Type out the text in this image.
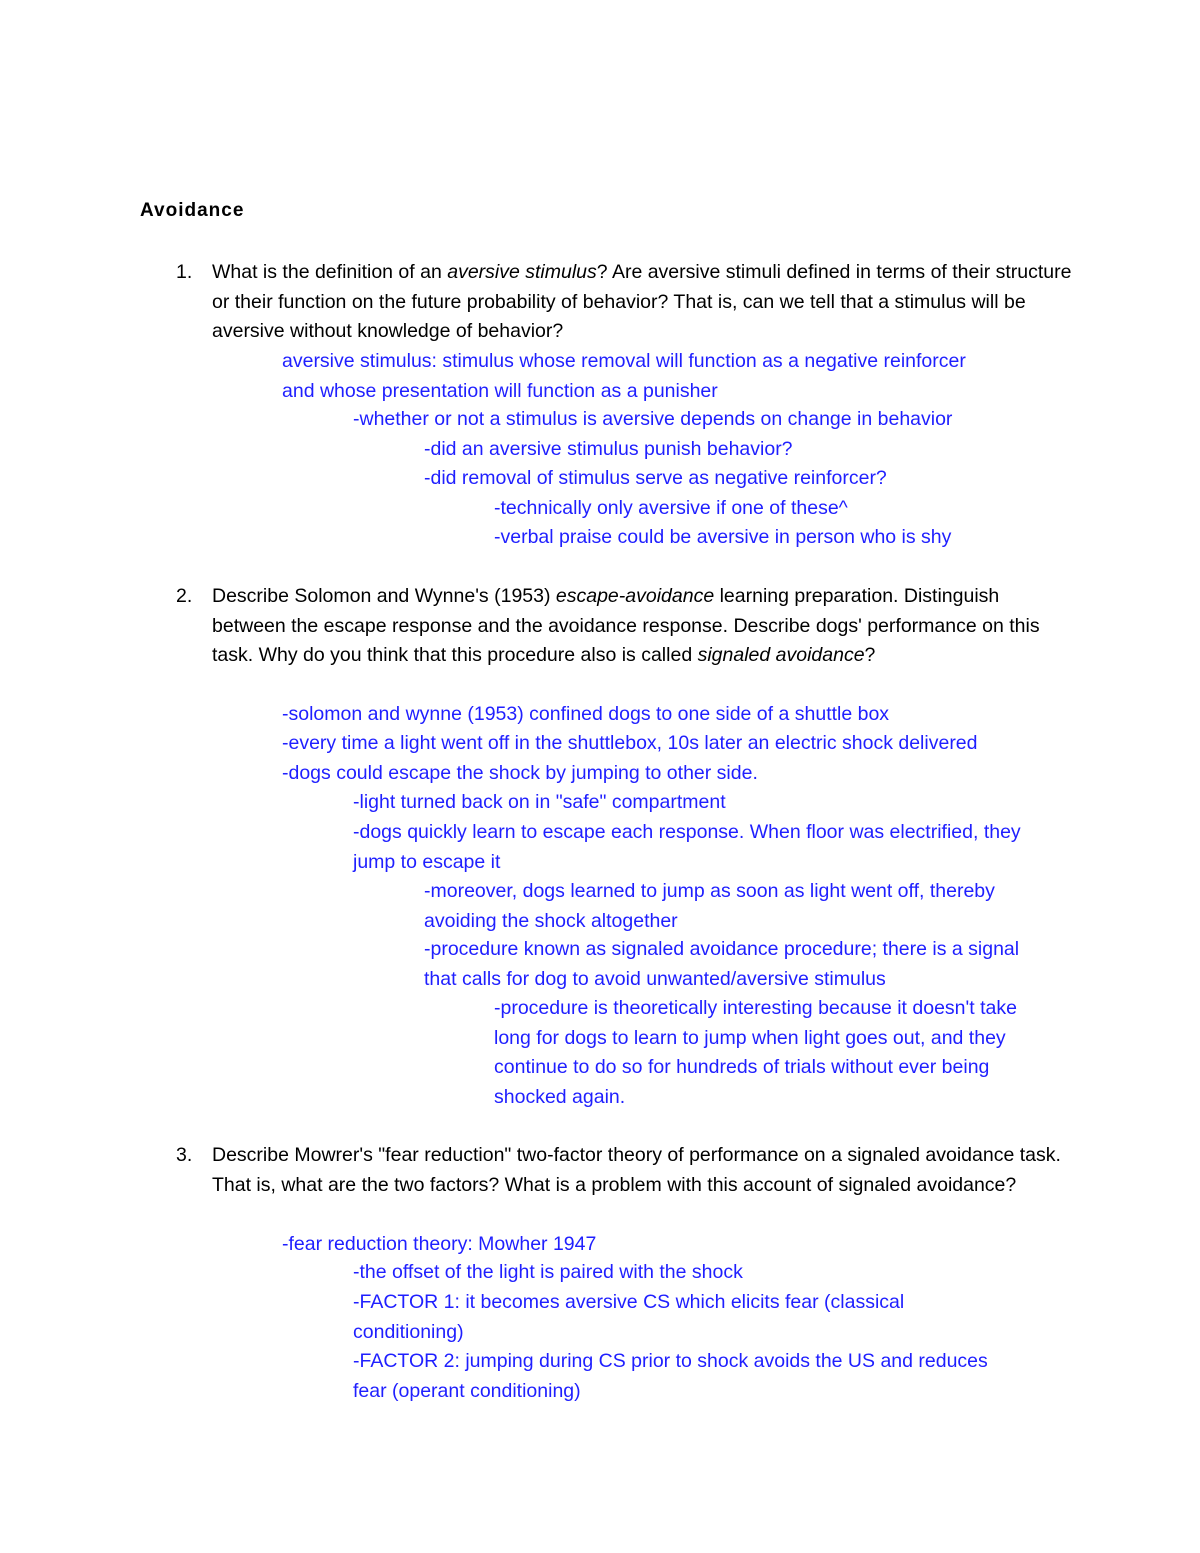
Avoidance
1. What is the definition of an aversive stimulus? Are aversive stimuli defined in terms of their structure or their function on the future probability of behavior? That is, can we tell that a stimulus will be aversive without knowledge of behavior?
aversive stimulus: stimulus whose removal will function as a negative reinforcer and whose presentation will function as a punisher
-whether or not a stimulus is aversive depends on change in behavior
-did an aversive stimulus punish behavior?
-did removal of stimulus serve as negative reinforcer?
-technically only aversive if one of these^
-verbal praise could be aversive in person who is shy
2. Describe Solomon and Wynne's (1953) escape-avoidance learning preparation. Distinguish between the escape response and the avoidance response. Describe dogs' performance on this task. Why do you think that this procedure also is called signaled avoidance?
-solomon and wynne (1953) confined dogs to one side of a shuttle box
-every time a light went off in the shuttlebox, 10s later an electric shock delivered
-dogs could escape the shock by jumping to other side.
-light turned back on in "safe" compartment
-dogs quickly learn to escape each response. When floor was electrified, they jump to escape it
-moreover, dogs learned to jump as soon as light went off, thereby avoiding the shock altogether
-procedure known as signaled avoidance procedure; there is a signal that calls for dog to avoid unwanted/aversive stimulus
-procedure is theoretically interesting because it doesn't take long for dogs to learn to jump when light goes out, and they continue to do so for hundreds of trials without ever being shocked again.
3. Describe Mowrer's "fear reduction" two-factor theory of performance on a signaled avoidance task. That is, what are the two factors? What is a problem with this account of signaled avoidance?
-fear reduction theory: Mowher 1947
-the offset of the light is paired with the shock
-FACTOR 1: it becomes aversive CS which elicits fear (classical conditioning)
-FACTOR 2: jumping during CS prior to shock avoids the US and reduces fear (operant conditioning)
